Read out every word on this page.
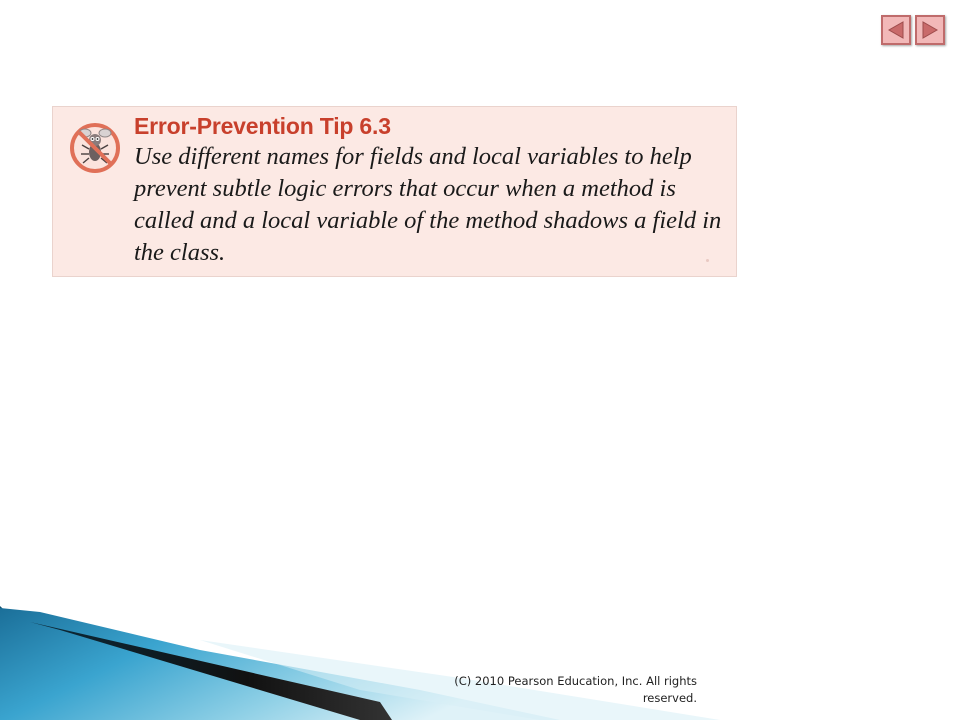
Error-Prevention Tip 6.3
Use different names for fields and local variables to help prevent subtle logic errors that occur when a method is called and a local variable of the method shadows a field in the class.
(C) 2010 Pearson Education, Inc. All rights reserved.
